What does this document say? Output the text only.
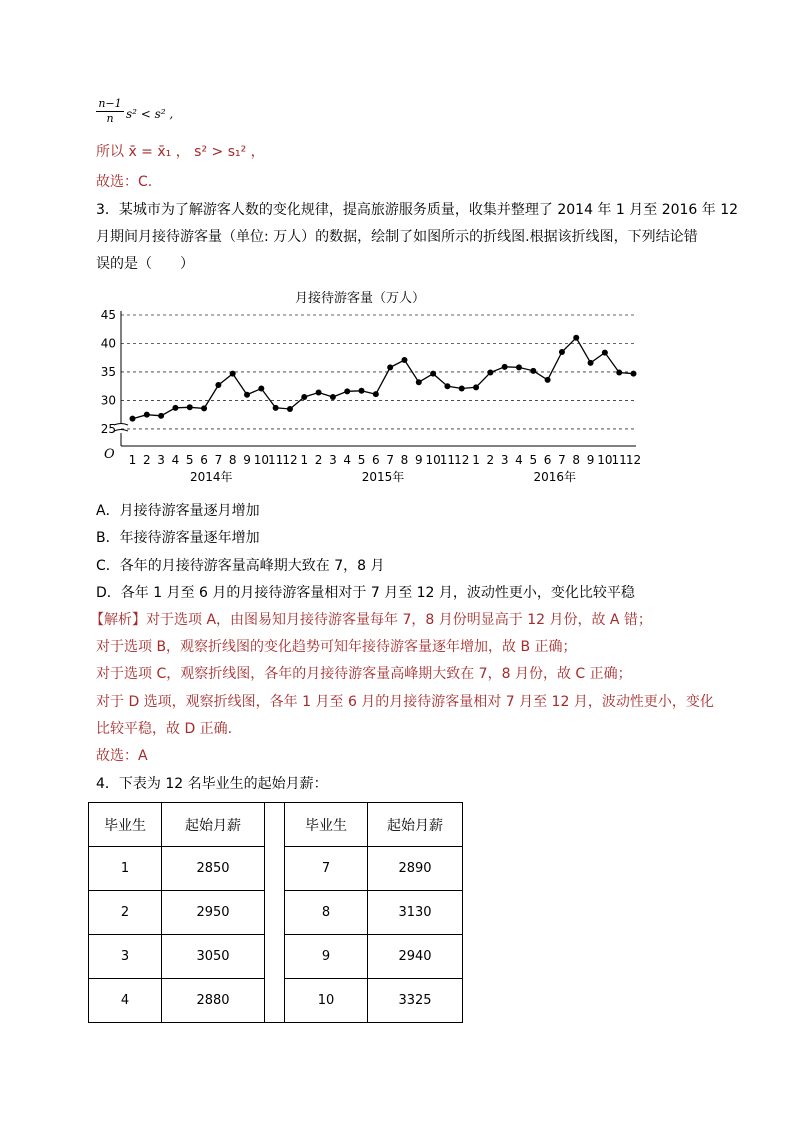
$\frac{n-1}{n} s^2 < s^2$ ,
所以 x̄ = x̄₁ ， s² > s₁² ，
故选：C.
3．某城市为了解游客人数的变化规律，提高旅游服务质量，收集并整理了 2014 年 1 月至 2016 年 12
月期间月接待游客量（单位: 万人）的数据，绘制了如图所示的折线图.根据该折线图，下列结论错
误的是（　　）
月接待游客量（万人）
25
30
35
40
45
1 2 3 4 5 6 7 8 9 10 11 12 1 2 3 4 5 6 7 8 9 10 11 12 1 2 3 4 5 6 7 8 9 10 11 12
2014年	2015年	2016年
O
A．月接待游客量逐月增加
B．年接待游客量逐年增加
C．各年的月接待游客量高峰期大致在 7，8 月
D．各年 1 月至 6 月的月接待游客量相对于 7 月至 12 月，波动性更小，变化比较平稳
【解析】对于选项 A，由图易知月接待游客量每年 7，8 月份明显高于 12 月份，故 A 错；
对于选项 B，观察折线图的变化趋势可知年接待游客量逐年增加，故 B 正确；
对于选项 C，观察折线图，各年的月接待游客量高峰期大致在 7，8 月份，故 C 正确；
对于 D 选项，观察折线图，各年 1 月至 6 月的月接待游客量相对 7 月至 12 月，波动性更小，变化
比较平稳，故 D 正确.
故选：A
4．下表为 12 名毕业生的起始月薪：
毕业生	起始月薪		毕业生	起始月薪
1	2850		7	2890
2	2950		8	3130
3	3050		9	2940
4	2880		10	3325
